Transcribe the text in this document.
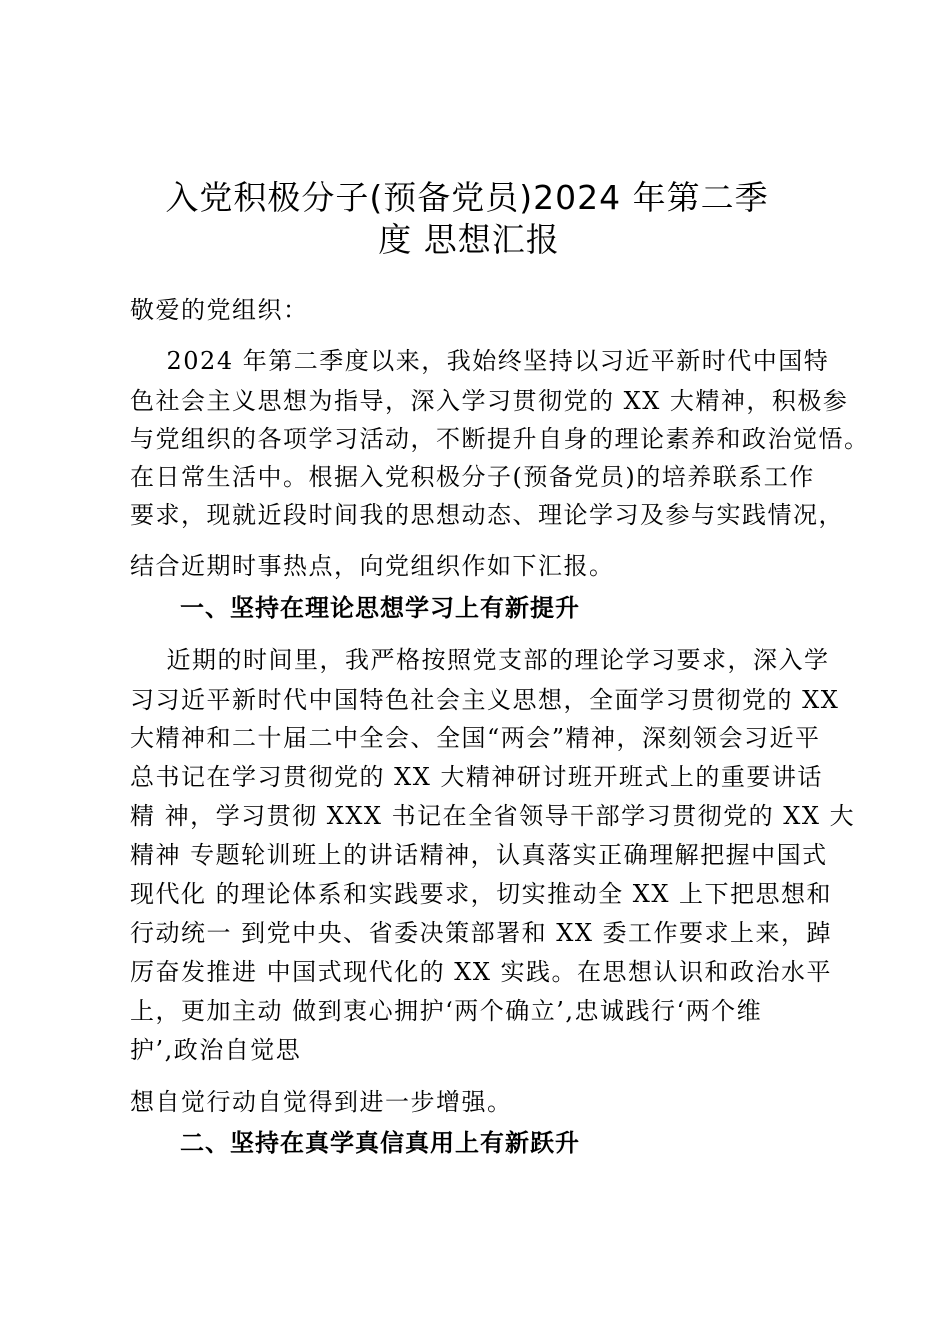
入党积极分子(预备党员)2024 年第二季
度 思想汇报
敬爱的党组织：
2024 年第二季度以来，我始终坚持以习近平新时代中国特
色社会主义思想为指导，深入学习贯彻党的 XX 大精神，积极参
与党组织的各项学习活动，不断提升自身的理论素养和政治觉悟。
在日常生活中。根据入党积极分子(预备党员)的培养联系工作
要求，现就近段时间我的思想动态、理论学习及参与实践情况，
结合近期时事热点，向党组织作如下汇报。
一、坚持在理论思想学习上有新提升
近期的时间里，我严格按照党支部的理论学习要求，深入学
习习近平新时代中国特色社会主义思想，全面学习贯彻党的 XX
大精神和二十届二中全会、全国“两会”精神，深刻领会习近平
总书记在学习贯彻党的 XX 大精神研讨班开班式上的重要讲话
精 神，学习贯彻 XXX 书记在全省领导干部学习贯彻党的 XX 大
精神 专题轮训班上的讲话精神，认真落实正确理解把握中国式
现代化 的理论体系和实践要求，切实推动全 XX 上下把思想和
行动统一 到党中央、省委决策部署和 XX 委工作要求上来，踔
厉奋发推进 中国式现代化的 XX 实践。在思想认识和政治水平
上，更加主动 做到衷心拥护‘两个确立’,忠诚践行‘两个维
护’,政治自觉思
想自觉行动自觉得到进一步增强。
二、坚持在真学真信真用上有新跃升
